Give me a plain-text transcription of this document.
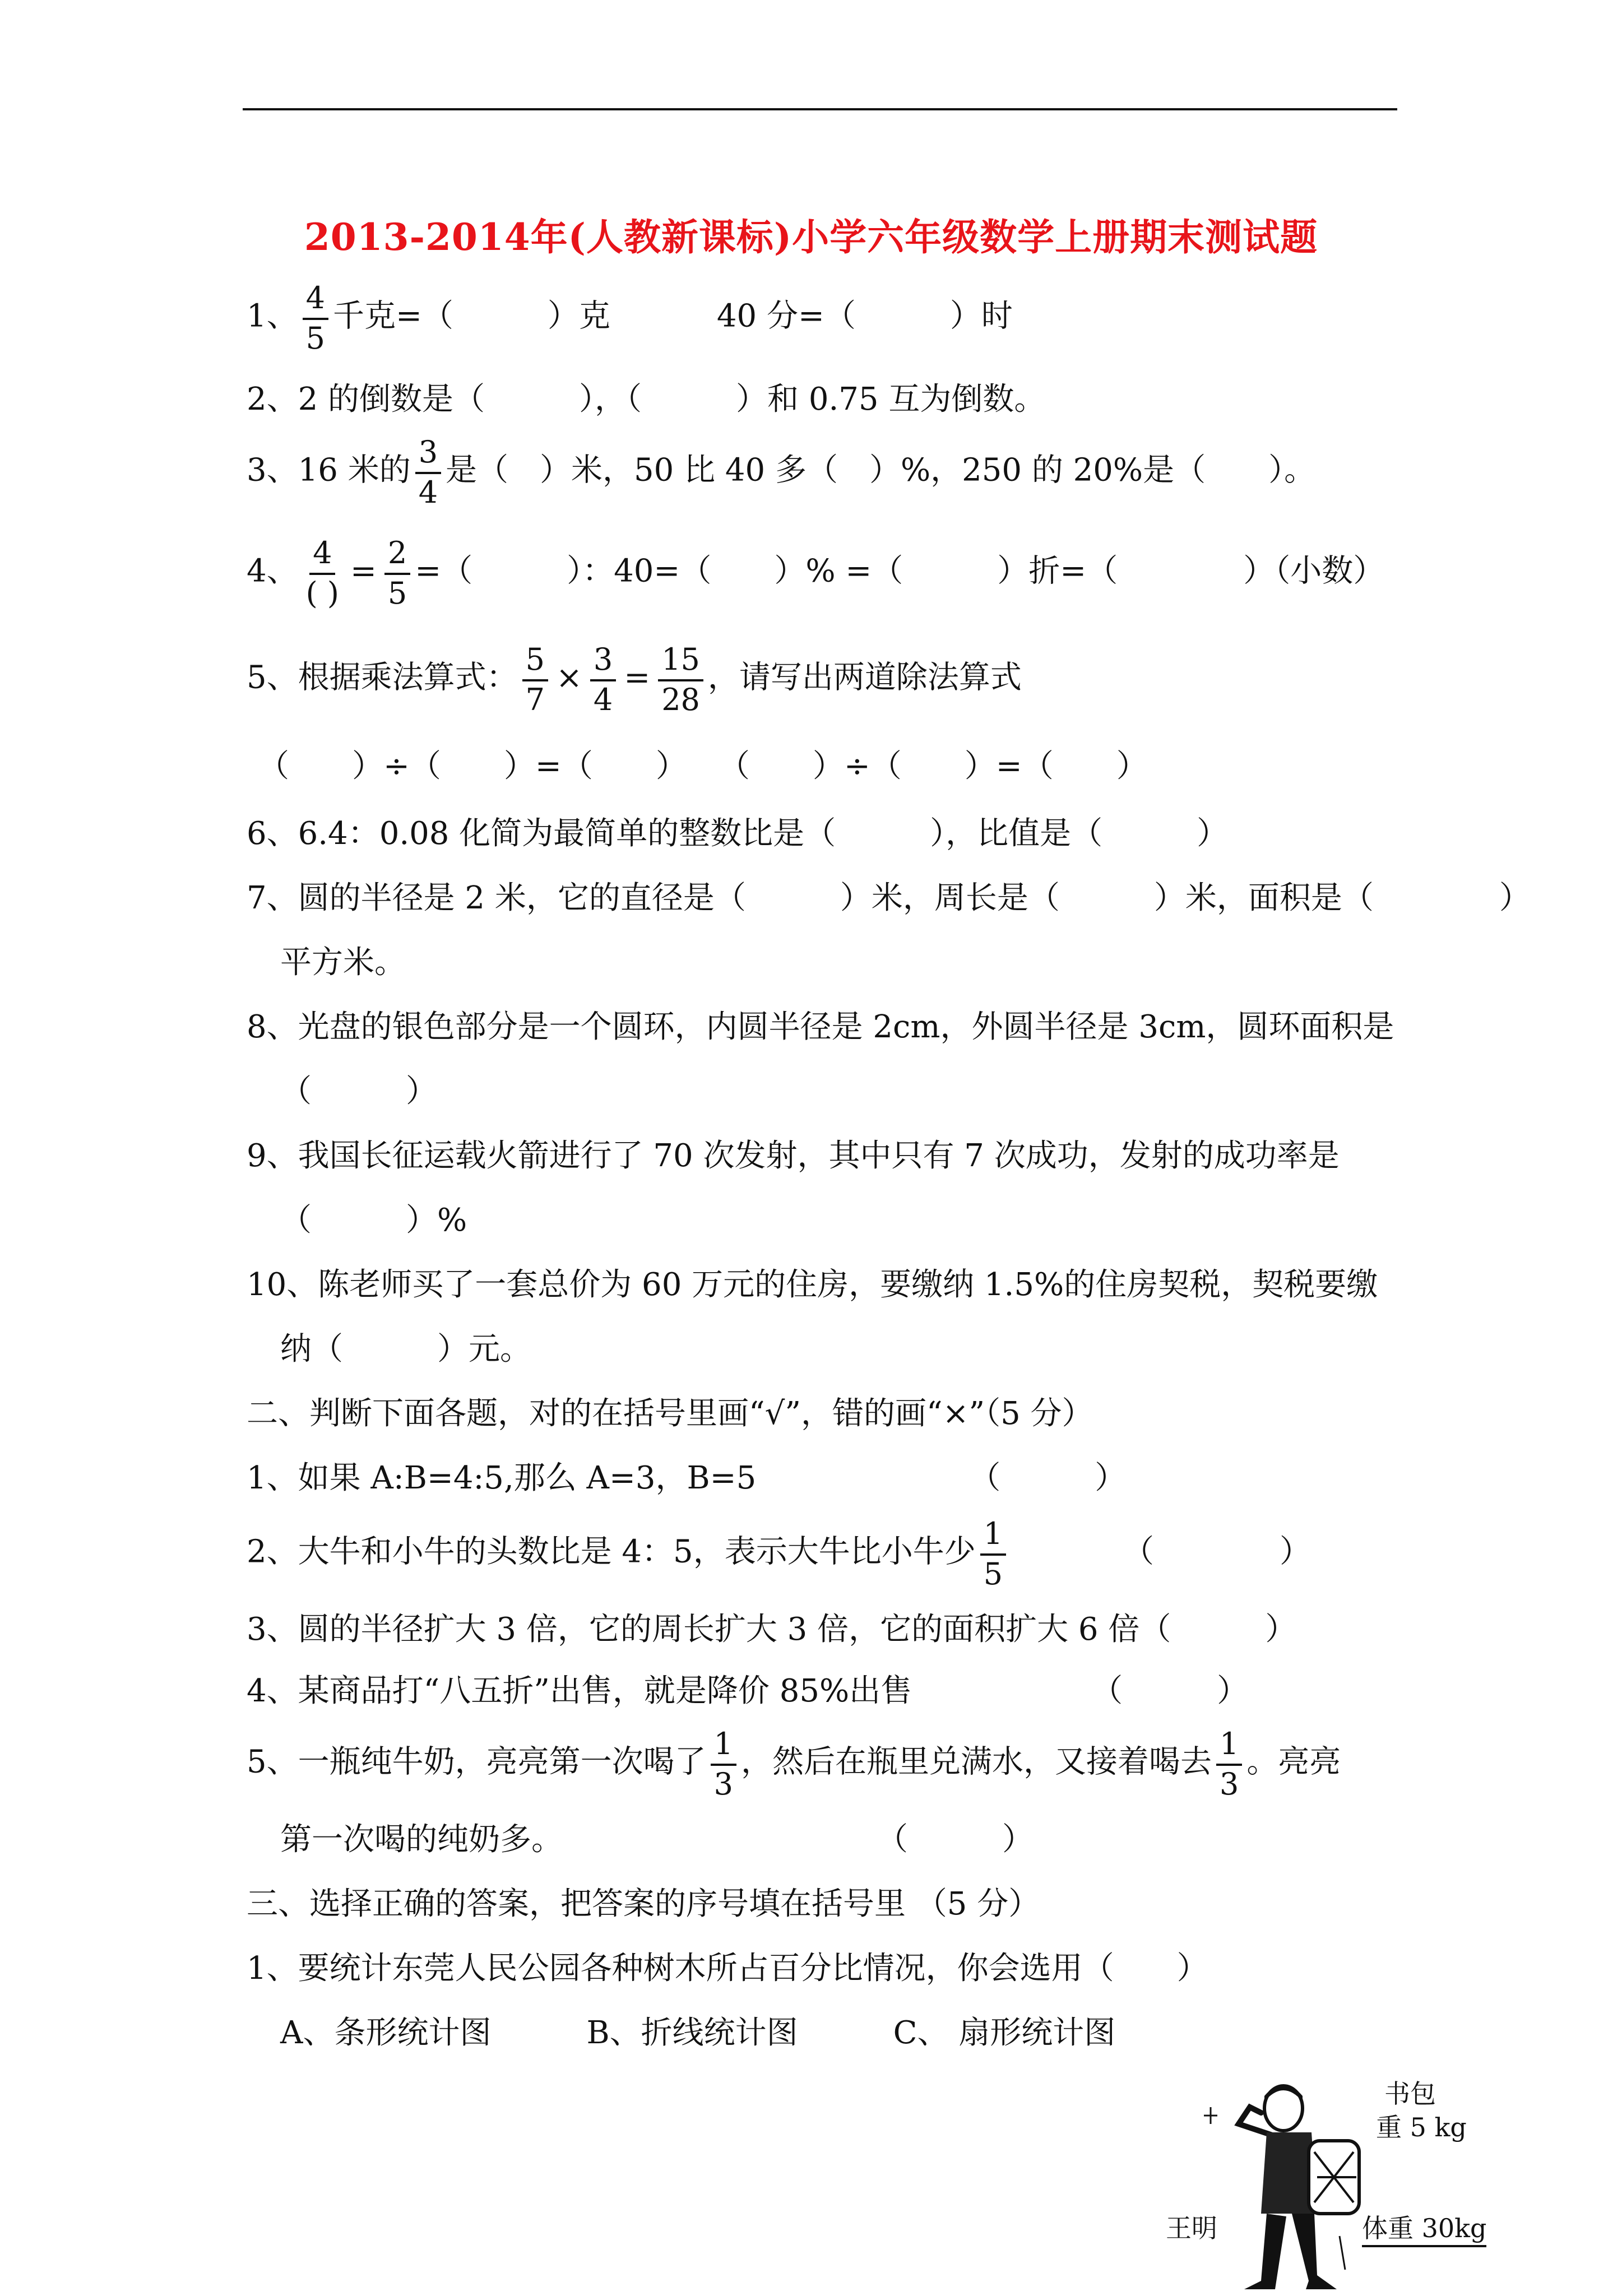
2013-2014年(人教新课标)小学六年级数学上册期末测试题
1、 $\frac{4}{5}$ 千克=（　　　）克	40 分=（　　　）时
2、2 的倒数是（　　　），（　　　）和 0.75 互为倒数。
3、16 米的 $\frac{3}{4}$ 是（　）米，50 比 40 多（　）%，250 的 20%是（　　）。
4、 $\frac{4}{( )} = \frac{2}{5}$ =（　　　）：40=（　　）% =（　　　）折=（　　　　）（小数）
5、根据乘法算式： $\frac{5}{7} \times \frac{3}{4} = \frac{15}{28}$ ，请写出两道除法算式
（　　）÷（　　）=（　　）　　（　　）÷（　　）=（　　）
6、6.4：0.08 化简为最简单的整数比是（　　　），比值是（　　　）
7、圆的半径是 2 米，它的直径是（　　　）米，周长是（　　　）米，面积是（　　　　）
平方米。
8、光盘的银色部分是一个圆环，内圆半径是 2cm，外圆半径是 3cm，圆环面积是
（　　　）
9、我国长征运载火箭进行了 70 次发射，其中只有 7 次成功，发射的成功率是
（　　　）%
10、陈老师买了一套总价为 60 万元的住房，要缴纳 1.5%的住房契税，契税要缴
纳（　　　）元。
二、判断下面各题，对的在括号里画“√”，错的画“×”（5 分）
1、如果 A:B=4:5,那么 A=3，B=5	（　　　）
2、大牛和小牛的头数比是 4：5，表示大牛比小牛少 $\frac{1}{5}$	（　　　　）
3、圆的半径扩大 3 倍，它的周长扩大 3 倍，它的面积扩大 6 倍（　　　）
4、某商品打“八五折”出售，就是降价 85%出售	（　　　）
5、一瓶纯牛奶，亮亮第一次喝了 $\frac{1}{3}$ ，然后在瓶里兑满水，又接着喝去 $\frac{1}{3}$ 。亮亮
第一次喝的纯奶多。	（　　　）
三、选择正确的答案，把答案的序号填在括号里 （5 分）
1、要统计东莞人民公园各种树木所占百分比情况，你会选用（　　）
A、条形统计图	B、折线统计图	C、 扇形统计图
书包
重 5 kg
王明	体重 30kg
